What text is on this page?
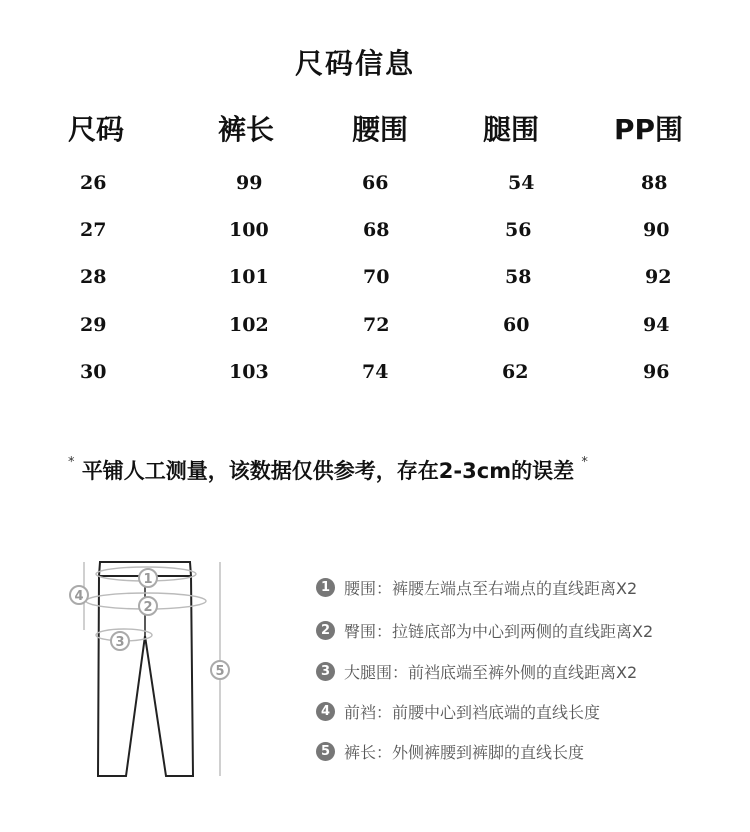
尺码信息
尺码	裤长	腰围	腿围	PP围
26	99	66	54	88
27	100	68	56	90
28	101	70	58	92
29	102	72	60	94
30	103	74	62	96
* 平铺人工测量，该数据仅供参考，存在2-3cm的误差 *
1
2
3
4
5
1 腰围：裤腰左端点至右端点的直线距离X2
2 臀围：拉链底部为中心到两侧的直线距离X2
3 大腿围：前裆底端至裤外侧的直线距离X2
4 前裆：前腰中心到裆底端的直线长度
5 裤长：外侧裤腰到裤脚的直线长度
